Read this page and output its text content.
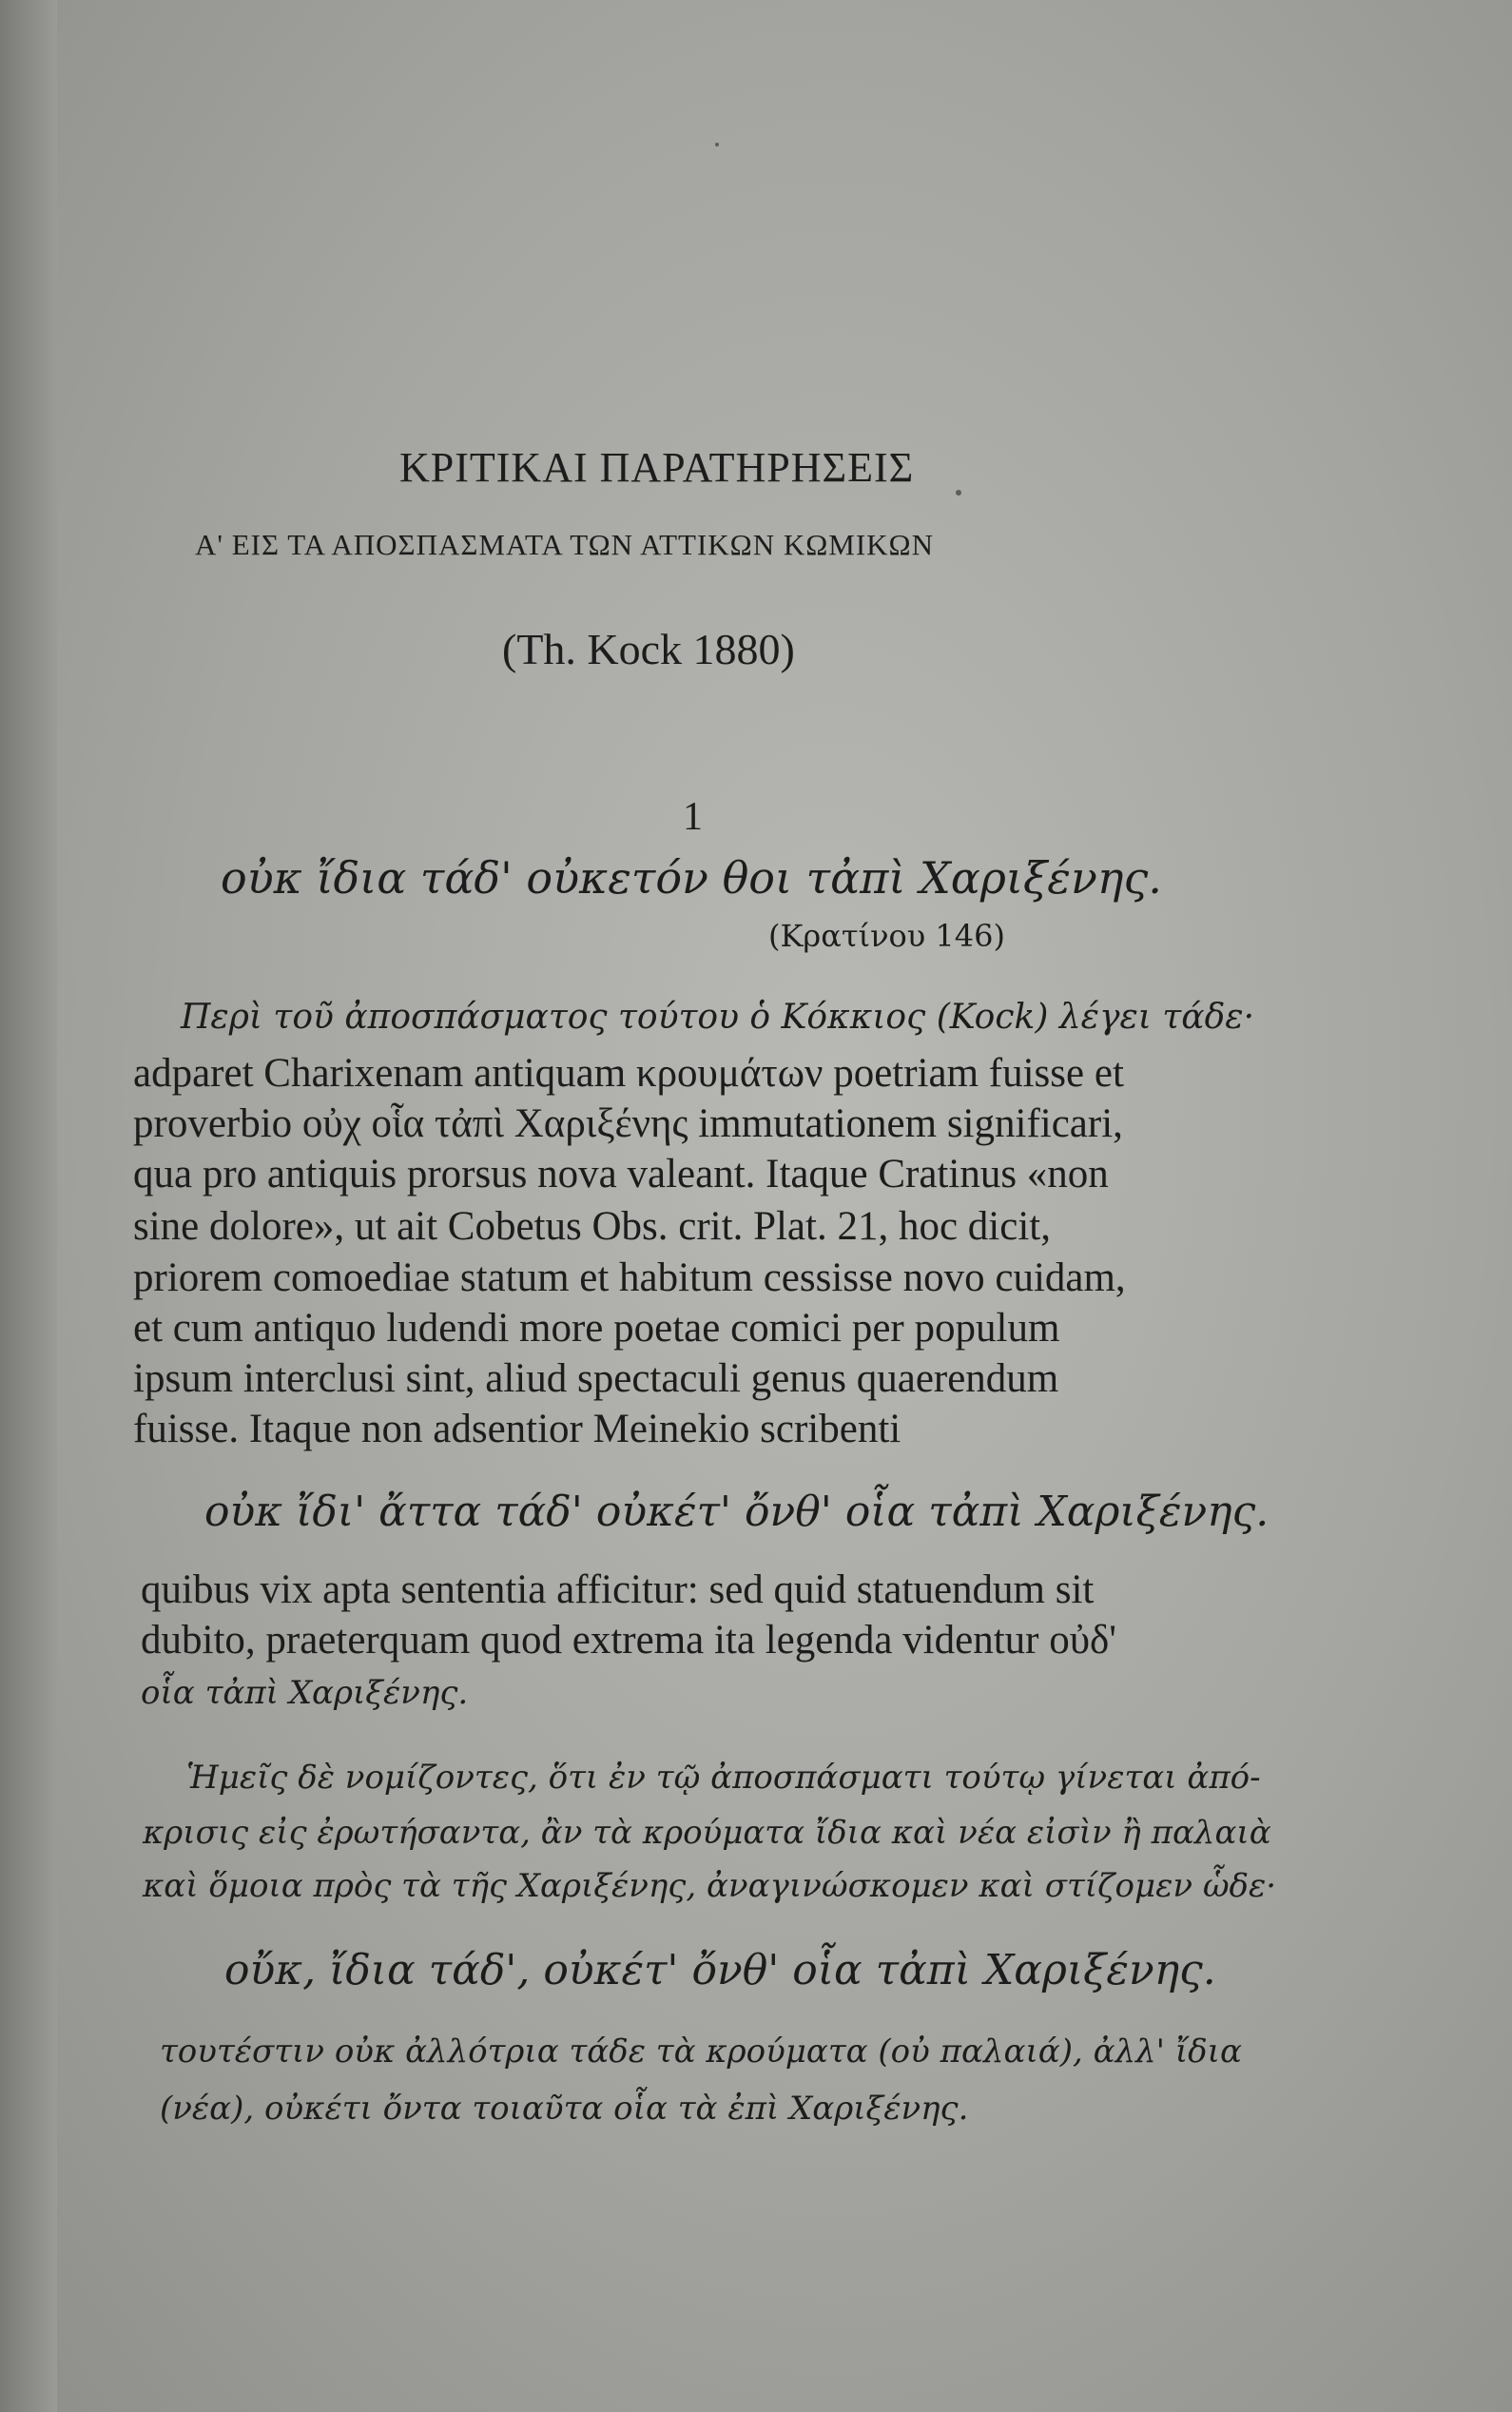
ΚΡΙΤΙΚΑΙ ΠΑΡΑΤΗΡΗΣΕΙΣ
Α' ΕΙΣ ΤΑ ΑΠΟΣΠΑΣΜΑΤΑ ΤΩΝ ΑΤΤΙΚΩΝ ΚΩΜΙΚΩΝ
(Th. Kock 1880)
1
οὐκ ἴδια τάδ' οὐκετόν θοι τἀπὶ Χαριξένης.
(Κρατίνου 146)
Περὶ τοῦ ἀποσπάσματος τούτου ὁ Κόκκιος (Kock) λέγει τάδε·
adparet Charixenam antiquam κρουμάτων poetriam fuisse et
proverbio οὐχ οἷα τἀπὶ Χαριξένης immutationem significari,
qua pro antiquis prorsus nova valeant. Itaque Cratinus «non
sine dolore», ut ait Cobetus Obs. crit. Plat. 21, hoc dicit,
priorem comoediae statum et habitum cessisse novo cuidam,
et cum antiquo ludendi more poetae comici per populum
ipsum interclusi sint, aliud spectaculi genus quaerendum
fuisse. Itaque non adsentior Meinekio scribenti
οὐκ ἴδι' ἄττα τάδ' οὐκέτ' ὄνθ' οἷα τἀπὶ Χαριξένης.
quibus vix apta sententia afficitur: sed quid statuendum sit
dubito, praeterquam quod extrema ita legenda videntur οὐδ'
οἷα τἀπὶ Χαριξένης.
Ἡμεῖς δὲ νομίζοντες, ὅτι ἐν τῷ ἀποσπάσματι τούτῳ γίνεται ἀπό-
κρισις εἰς ἐρωτήσαντα, ἂν τὰ κρούματα ἴδια καὶ νέα εἰσὶν ἢ παλαιὰ
καὶ ὅμοια πρὸς τὰ τῆς Χαριξένης, ἀναγινώσκομεν καὶ στίζομεν ὧδε·
οὔκ, ἴδια τάδ', οὐκέτ' ὄνθ' οἷα τἀπὶ Χαριξένης.
τουτέστιν οὐκ ἀλλότρια τάδε τὰ κρούματα (οὐ παλαιά), ἀλλ' ἴδια
(νέα), οὐκέτι ὄντα τοιαῦτα οἷα τὰ ἐπὶ Χαριξένης.
